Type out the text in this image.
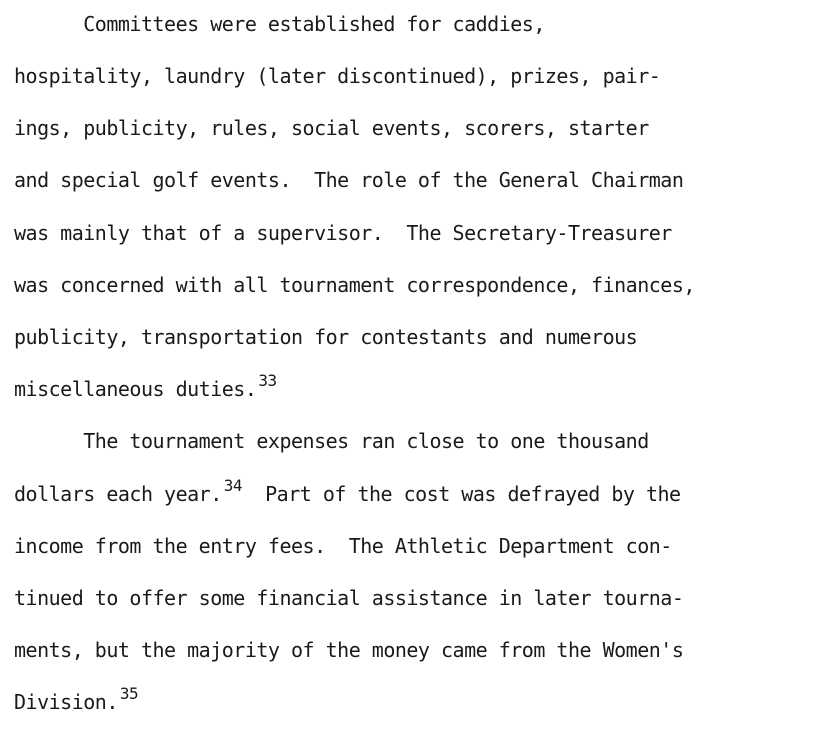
Committees were established for caddies,
hospitality, laundry (later discontinued), prizes, pair-
ings, publicity, rules, social events, scorers, starter
and special golf events.  The role of the General Chairman
was mainly that of a supervisor.  The Secretary-Treasurer
was concerned with all tournament correspondence, finances,
publicity, transportation for contestants and numerous
miscellaneous duties. $^{33}$
The tournament expenses ran close to one thousand
dollars each year. $^{34}$ Part of the cost was defrayed by the
income from the entry fees.  The Athletic Department con-
tinued to offer some financial assistance in later tourna-
ments, but the majority of the money came from the Women's
Division. $^{35}$
